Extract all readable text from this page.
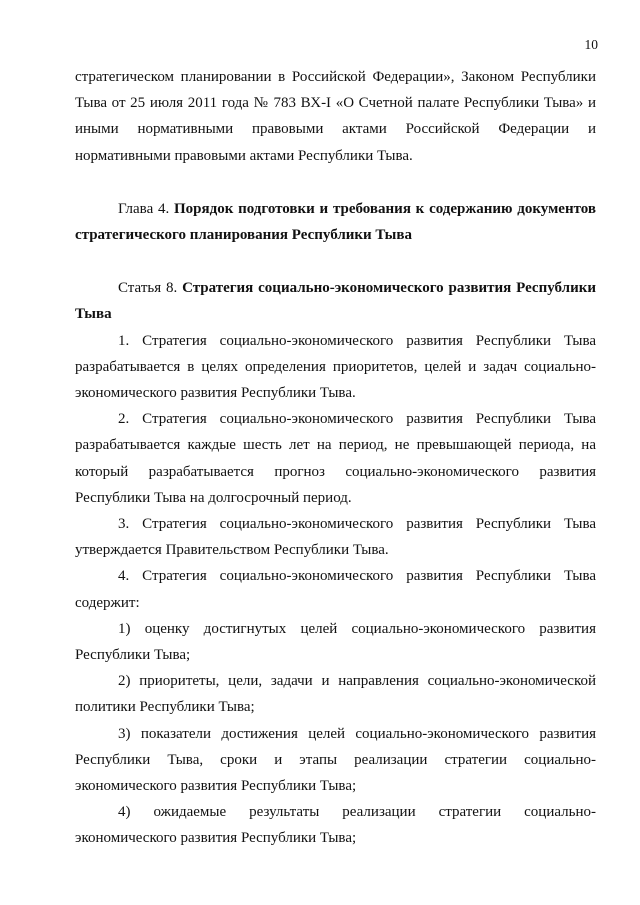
10

стратегическом планировании в Российской Федерации», Законом Республики Тыва от 25 июля 2011 года № 783 ВХ-I «О Счетной палате Республики Тыва» и иными нормативными правовыми актами Российской Федерации и нормативными правовыми актами Республики Тыва.

Глава 4. Порядок подготовки и требования к содержанию документов стратегического планирования Республики Тыва

Статья 8. Стратегия социально-экономического развития Республики Тыва

1. Стратегия социально-экономического развития Республики Тыва разрабатывается в целях определения приоритетов, целей и задач социально-экономического развития Республики Тыва.

2. Стратегия социально-экономического развития Республики Тыва разрабатывается каждые шесть лет на период, не превышающей периода, на который разрабатывается прогноз социально-экономического развития Республики Тыва на долгосрочный период.

3. Стратегия социально-экономического развития Республики Тыва утверждается Правительством Республики Тыва.

4. Стратегия социально-экономического развития Республики Тыва содержит:

1) оценку достигнутых целей социально-экономического развития Республики Тыва;

2) приоритеты, цели, задачи и направления социально-экономической политики Республики Тыва;

3) показатели достижения целей социально-экономического развития Республики Тыва, сроки и этапы реализации стратегии социально-экономического развития Республики Тыва;

4) ожидаемые результаты реализации стратегии социально-экономического развития Республики Тыва;
